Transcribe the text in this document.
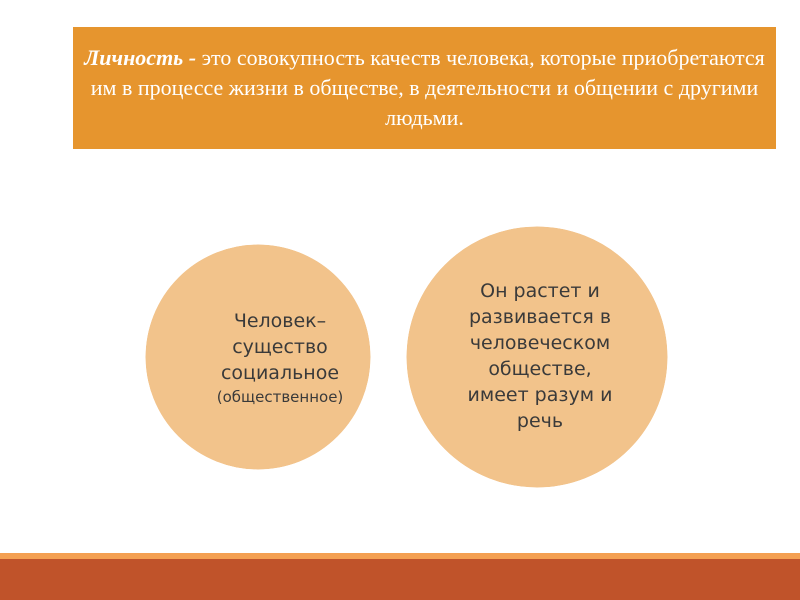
Личность - это совокупность качеств человека, которые приобретаются им в процессе жизни в обществе, в деятельности и общении с другими людьми.
Человек–
существо
социальное
(общественное)
Он растет и
развивается в
человеческом
обществе,
имеет разум и
речь
